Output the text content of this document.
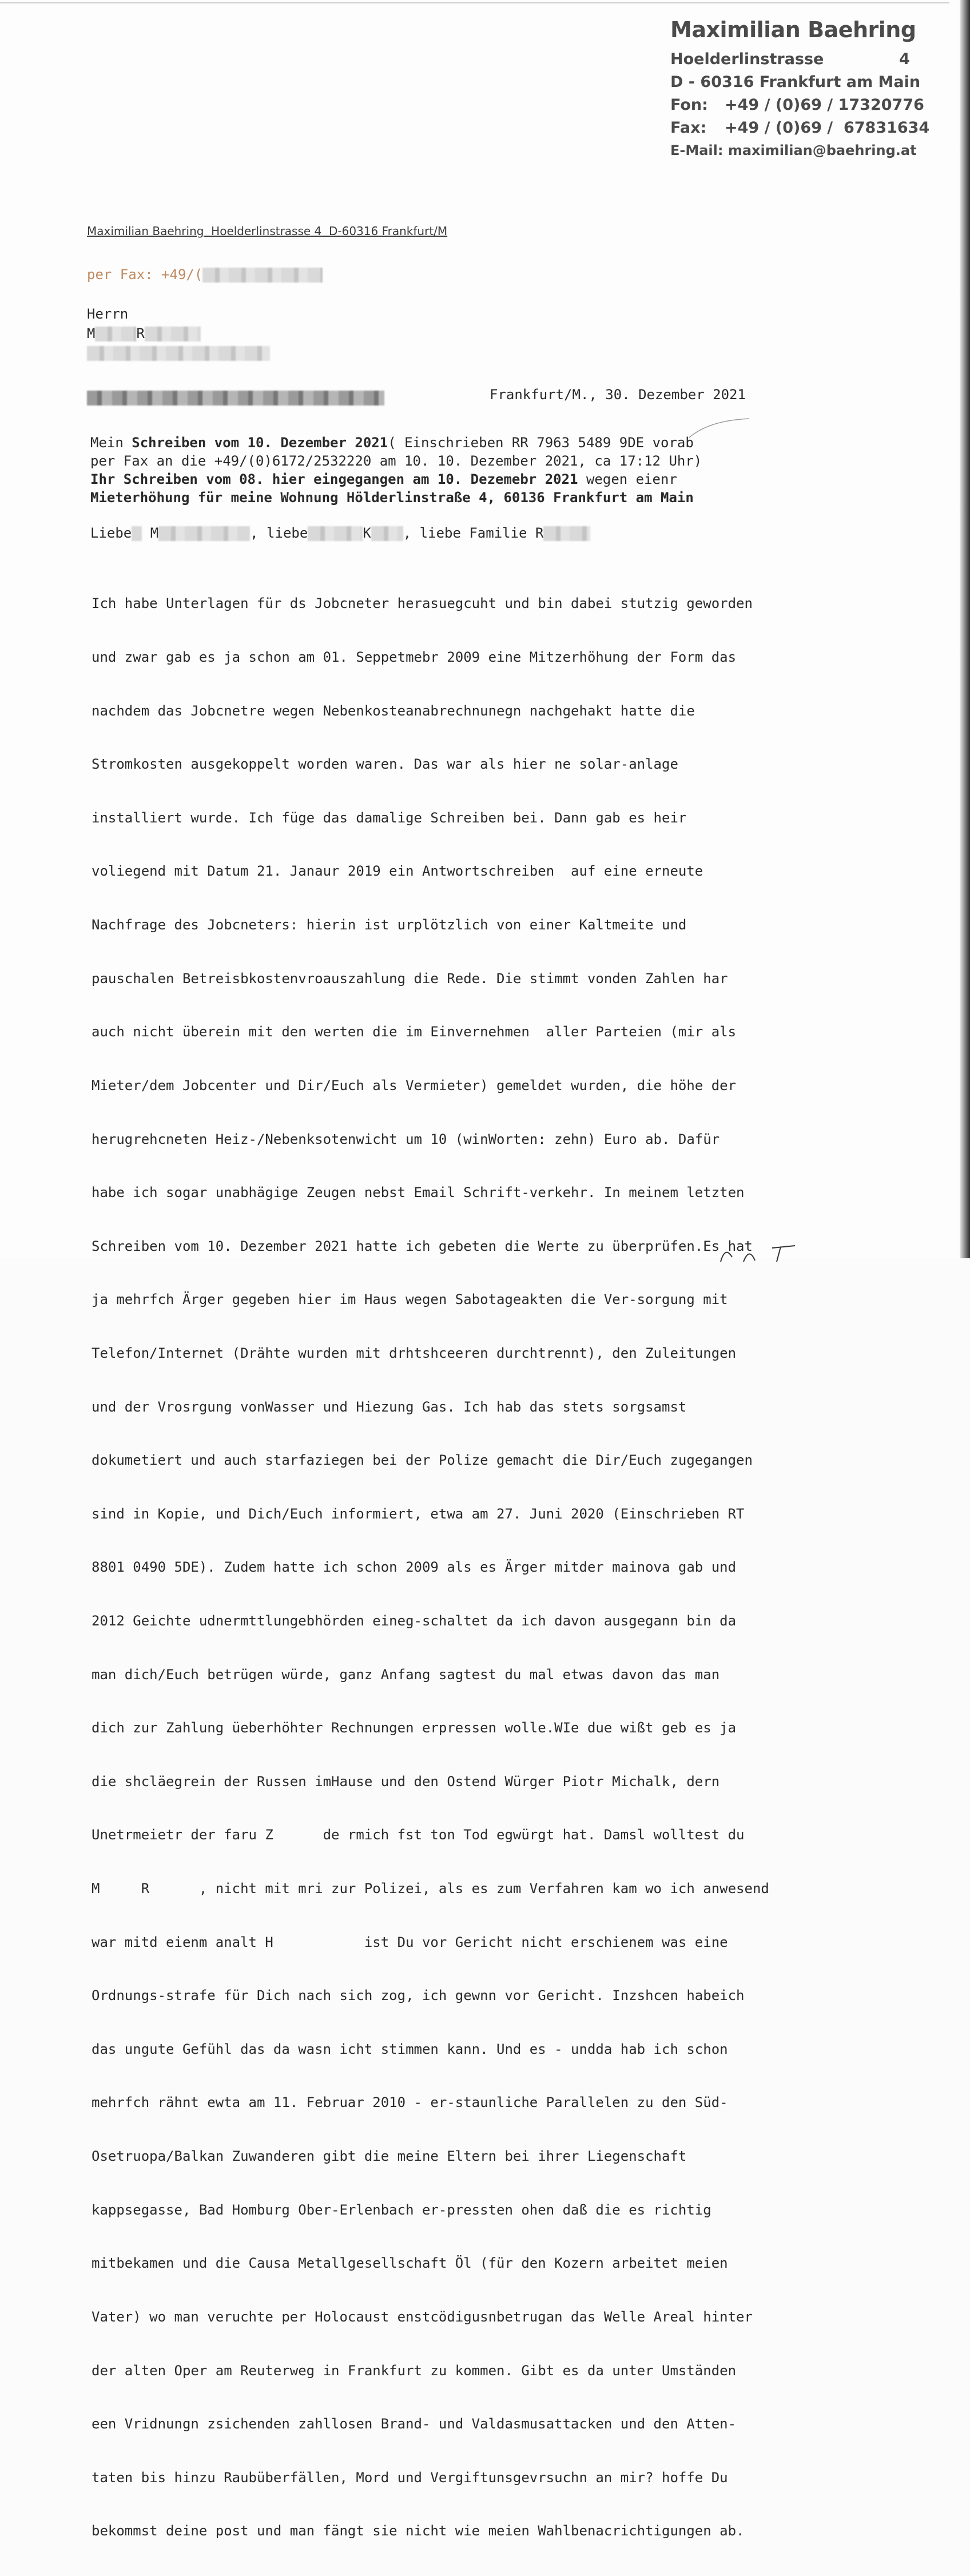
Maximilian Baehring
Hoelderlinstrasse	4
D - 60316 Frankfurt am Main
Fon: +49 / (0)69 / 17320776
Fax: +49 / (0)69 /  67831634
E-Mail: maximilian@baehring.at
Maximilian Baehring  Hoelderlinstrasse 4  D-60316 Frankfurt/M
per Fax: +49/(
Herrn
M	R
Frankfurt/M., 30. Dezember 2021
Mein Schreiben vom 10. Dezember 2021( Einschrieben RR 7963 5489 9DE vorab
per Fax an die +49/(0)6172/2532220 am 10. 10. Dezember 2021, ca 17:12 Uhr)
Ihr Schreiben vom 08. hier eingegangen am 10. Dezemebr 2021 wegen eienr
Mieterhöhung für meine Wohnung Hölderlinstraße 4, 60136 Frankfurt am Main
Liebe M	, liebe	K , liebe Familie R

Ich habe Unterlagen für ds Jobcneter herasuegcuht und bin dabei stutzig geworden

und zwar gab es ja schon am 01. Seppetmebr 2009 eine Mitzerhöhung der Form das

nachdem das Jobcnetre wegen Nebenkosteanabrechnunegn nachgehakt hatte die

Stromkosten ausgekoppelt worden waren. Das war als hier ne solar-anlage

installiert wurde. Ich füge das damalige Schreiben bei. Dann gab es heir

voliegend mit Datum 21. Janaur 2019 ein Antwortschreiben  auf eine erneute

Nachfrage des Jobcneters: hierin ist urplötzlich von einer Kaltmeite und

pauschalen Betreisbkostenvroauszahlung die Rede. Die stimmt vonden Zahlen har

auch nicht überein mit den werten die im Einvernehmen  aller Parteien (mir als

Mieter/dem Jobcenter und Dir/Euch als Vermieter) gemeldet wurden, die höhe der

herugrehcneten Heiz-/Nebenksotenwicht um 10 (winWorten: zehn) Euro ab. Dafür

habe ich sogar unabhägige Zeugen nebst Email Schrift-verkehr. In meinem letzten

Schreiben vom 10. Dezember 2021 hatte ich gebeten die Werte zu überprüfen.Es hat

ja mehrfch Ärger gegeben hier im Haus wegen Sabotageakten die Ver-sorgung mit

Telefon/Internet (Drähte wurden mit drhtshceeren durchtrennt), den Zuleitungen

und der Vrosrgung vonWasser und Hiezung Gas. Ich hab das stets sorgsamst

dokumetiert und auch starfaziegen bei der Polize gemacht die Dir/Euch zugegangen

sind in Kopie, und Dich/Euch informiert, etwa am 27. Juni 2020 (Einschrieben RT

8801 0490 5DE). Zudem hatte ich schon 2009 als es Ärger mitder mainova gab und

2012 Geichte udnermttlungebhörden eineg-schaltet da ich davon ausgegann bin da

man dich/Euch betrügen würde, ganz Anfang sagtest du mal etwas davon das man

dich zur Zahlung üeberhöhter Rechnungen erpressen wolle.WIe due wißt geb es ja

die shcläegrein der Russen imHause und den Ostend Würger Piotr Michalk, dern

Unetrmeietr der faru Z      de rmich fst ton Tod egwürgt hat. Damsl wolltest du

M     R      , nicht mit mri zur Polizei, als es zum Verfahren kam wo ich anwesend

war mitd eienm analt H           ist Du vor Gericht nicht erschienem was eine

Ordnungs-strafe für Dich nach sich zog, ich gewnn vor Gericht. Inzshcen habeich

das ungute Gefühl das da wasn icht stimmen kann. Und es - undda hab ich schon

mehrfch rähnt ewta am 11. Februar 2010 - er-staunliche Parallelen zu den Süd-

Osetruopa/Balkan Zuwanderen gibt die meine Eltern bei ihrer Liegenschaft

kappsegasse, Bad Homburg Ober-Erlenbach er-pressten ohen daß die es richtig

mitbekamen und die Causa Metallgesellschaft Öl (für den Kozern arbeitet meien

Vater) wo man veruchte per Holocaust enstcödigusnbetrugan das Welle Areal hinter

der alten Oper am Reuterweg in Frankfurt zu kommen. Gibt es da unter Umständen

een Vridnungn zsichenden zahllosen Brand- und Valdasmusattacken und den Atten-

taten bis hinzu Raubüberfällen, Mord und Vergiftunsgevrsuchn an mir? hoffe Du

bekommst deine post und man fängt sie nicht wie meien Wahlbenacrichtigungen ab.
